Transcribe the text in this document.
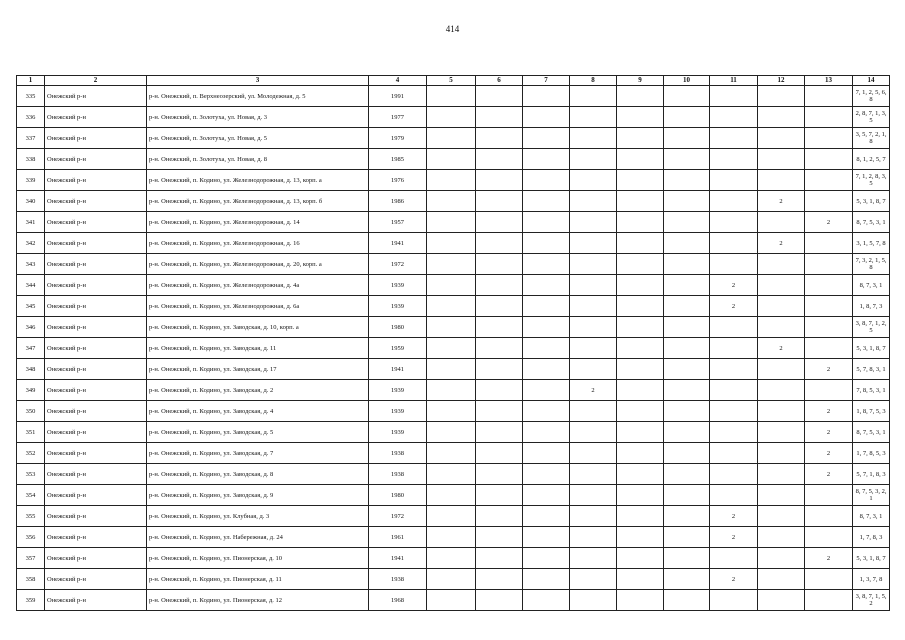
414
1	2	3	4	5	6	7	8	9	10	11	12	13	14
335	Онежский р-н	р-н. Онежский, п. Верхнеозерский, ул. Молодежная, д. 5	1991										7, 1, 2, 5, 6, 8
336	Онежский р-н	р-н. Онежский, п. Золотуха, ул. Новая, д. 3	1977										2, 8, 7, 1, 3, 5
337	Онежский р-н	р-н. Онежский, п. Золотуха, ул. Новая, д. 5	1979										3, 5, 7, 2, 1, 8
338	Онежский р-н	р-н. Онежский, п. Золотуха, ул. Новая, д. 8	1985										8, 1, 2, 5, 7
339	Онежский р-н	р-н. Онежский, п. Кодино, ул. Железнодорожная, д. 13, корп. а	1976										7, 1, 2, 8, 3, 5
340	Онежский р-н	р-н. Онежский, п. Кодино, ул. Железнодорожная, д. 13, корп. б	1986								2		5, 3, 1, 8, 7
341	Онежский р-н	р-н. Онежский, п. Кодино, ул. Железнодорожная, д. 14	1957									2	8, 7, 5, 3, 1
342	Онежский р-н	р-н. Онежский, п. Кодино, ул. Железнодорожная, д. 16	1941								2		3, 1, 5, 7, 8
343	Онежский р-н	р-н. Онежский, п. Кодино, ул. Железнодорожная, д. 20, корп. а	1972										7, 3, 2, 1, 5, 8
344	Онежский р-н	р-н. Онежский, п. Кодино, ул. Железнодорожная, д. 4а	1939							2			8, 7, 3, 1
345	Онежский р-н	р-н. Онежский, п. Кодино, ул. Железнодорожная, д. 6а	1939							2			1, 8, 7, 3
346	Онежский р-н	р-н. Онежский, п. Кодино, ул. Заводская, д. 10, корп. а	1980										3, 8, 7, 1, 2, 5
347	Онежский р-н	р-н. Онежский, п. Кодино, ул. Заводская, д. 11	1959								2		5, 3, 1, 8, 7
348	Онежский р-н	р-н. Онежский, п. Кодино, ул. Заводская, д. 17	1941									2	5, 7, 8, 3, 1
349	Онежский р-н	р-н. Онежский, п. Кодино, ул. Заводская, д. 2	1939				2						7, 8, 5, 3, 1
350	Онежский р-н	р-н. Онежский, п. Кодино, ул. Заводская, д. 4	1939									2	1, 8, 7, 5, 3
351	Онежский р-н	р-н. Онежский, п. Кодино, ул. Заводская, д. 5	1939									2	8, 7, 5, 3, 1
352	Онежский р-н	р-н. Онежский, п. Кодино, ул. Заводская, д. 7	1938									2	1, 7, 8, 5, 3
353	Онежский р-н	р-н. Онежский, п. Кодино, ул. Заводская, д. 8	1938									2	5, 7, 1, 8, 3
354	Онежский р-н	р-н. Онежский, п. Кодино, ул. Заводская, д. 9	1980										8, 7, 5, 3, 2, 1
355	Онежский р-н	р-н. Онежский, п. Кодино, ул. Клубная, д. 3	1972							2			8, 7, 3, 1
356	Онежский р-н	р-н. Онежский, п. Кодино, ул. Набережная, д. 24	1961							2			1, 7, 8, 3
357	Онежский р-н	р-н. Онежский, п. Кодино, ул. Пионерская, д. 10	1941									2	5, 3, 1, 8, 7
358	Онежский р-н	р-н. Онежский, п. Кодино, ул. Пионерская, д. 11	1938							2			1, 3, 7, 8
359	Онежский р-н	р-н. Онежский, п. Кодино, ул. Пионерская, д. 12	1968										3, 8, 7, 1, 5, 2
